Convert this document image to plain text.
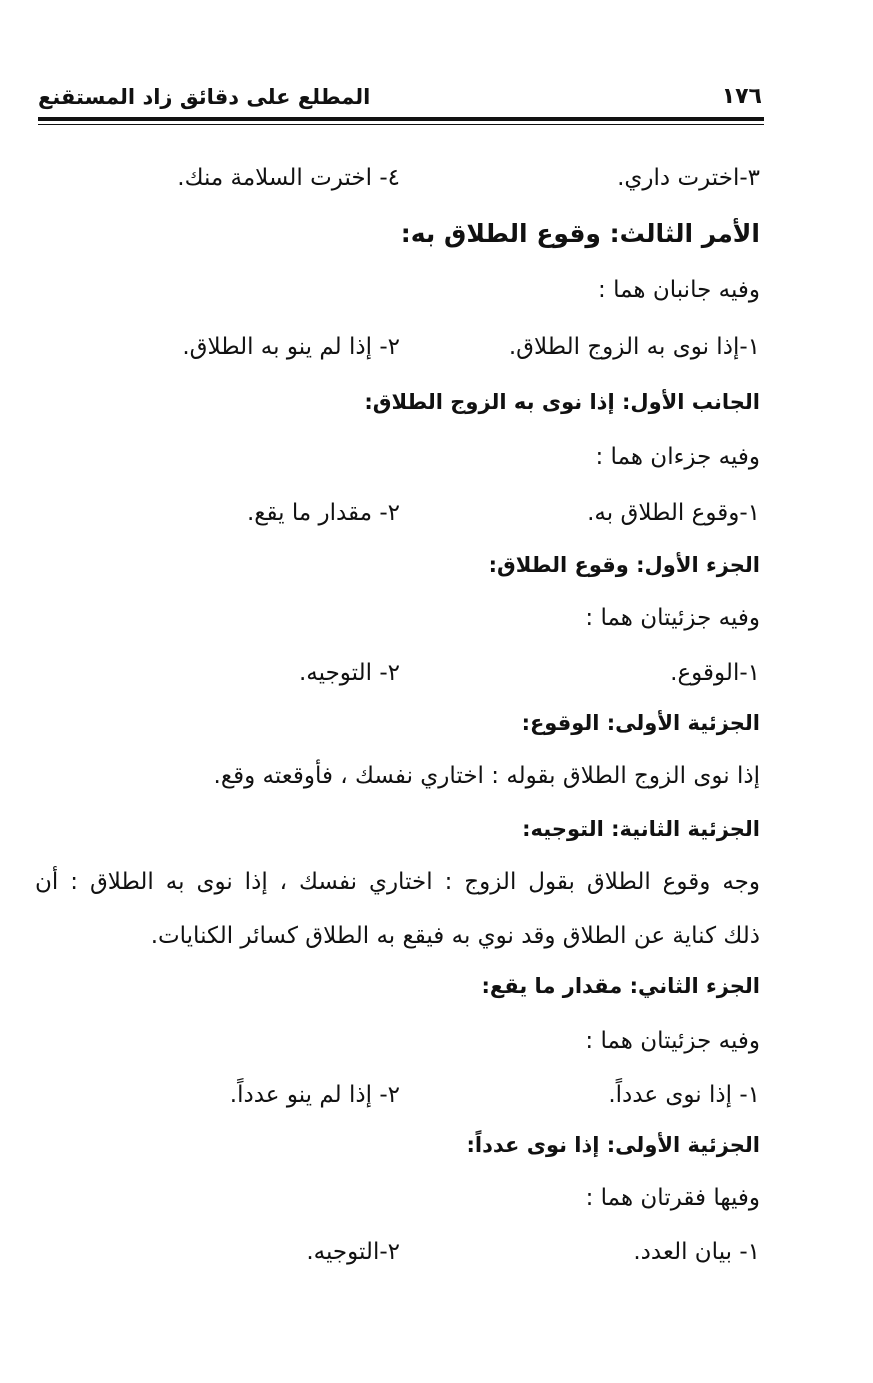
١٧٦
المطلع على دقائق زاد المستقنع
٣-اخترت داري.
٤- اخترت السلامة منك.
الأمر الثالث: وقوع الطلاق به:
وفيه جانبان هما :
١-إذا نوى به الزوج الطلاق.
٢- إذا لم ينو به الطلاق.
الجانب الأول: إذا نوى به الزوج الطلاق:
وفيه جزءان هما :
١-وقوع الطلاق به.
٢- مقدار ما يقع.
الجزء الأول: وقوع الطلاق:
وفيه جزئيتان هما :
١-الوقوع.
٢- التوجيه.
الجزئية الأولى: الوقوع:
إذا نوى الزوج الطلاق بقوله : اختاري نفسك ، فأوقعته وقع.
الجزئية الثانية: التوجيه:
وجه وقوع الطلاق بقول الزوج : اختاري نفسك ، إذا نوى به الطلاق : أن
ذلك كناية عن الطلاق وقد نوي به فيقع به الطلاق كسائر الكنايات.
الجزء الثاني: مقدار ما يقع:
وفيه جزئيتان هما :
١- إذا نوى عدداً.
٢- إذا لم ينو عدداً.
الجزئية الأولى: إذا نوى عدداً:
وفيها فقرتان هما :
١- بيان العدد.
٢-التوجيه.
